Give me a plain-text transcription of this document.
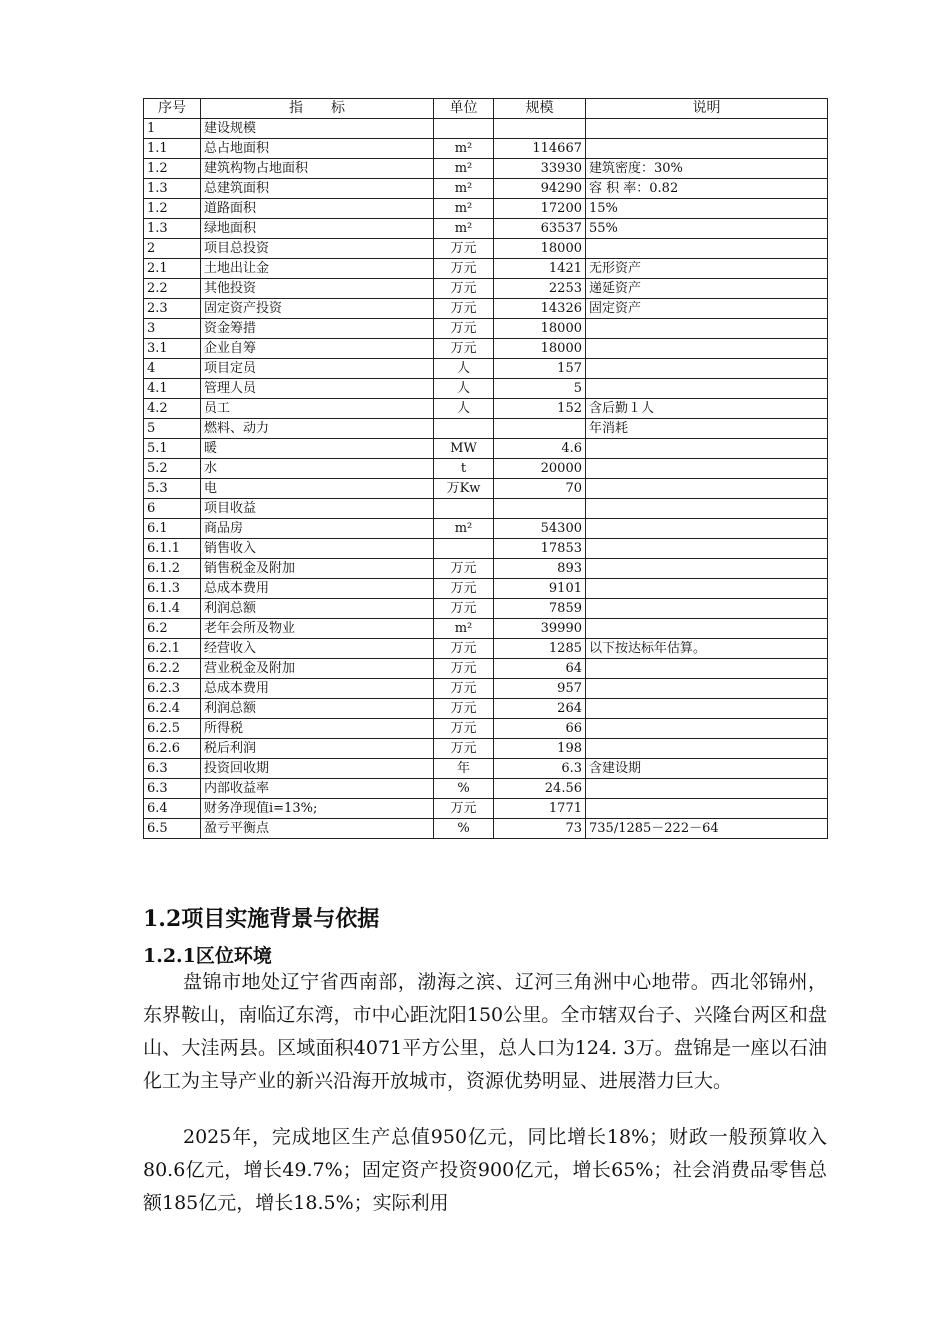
序号	指　　标	单位	规模	说明
1	建设规模			
1.1	总占地面积	m²	114667	
1.2	建筑构物占地面积	m²	33930	建筑密度：30%
1.3	总建筑面积	m²	94290	容 积 率：0.82
1.2	道路面积	m²	17200	15%
1.3	绿地面积	m²	63537	55%
2	项目总投资	万元	18000	
2.1	土地出让金	万元	1421	无形资产
2.2	其他投资	万元	2253	递延资产
2.3	固定资产投资	万元	14326	固定资产
3	资金筹措	万元	18000	
3.1	企业自筹	万元	18000	
4	项目定员	人	157	
4.1	管理人员	人	5	
4.2	员工	人	152	含后勤１人
5	燃料、动力			年消耗
5.1	暖	MW	4.6	
5.2	水	t	20000	
5.3	电	万Kw	70	
6	项目收益			
6.1	商品房	m²	54300	
6.1.1	销售收入		17853	
6.1.2	销售税金及附加	万元	893	
6.1.3	总成本费用	万元	9101	
6.1.4	利润总额	万元	7859	
6.2	老年会所及物业	m²	39990	
6.2.1	经营收入	万元	1285	以下按达标年估算。
6.2.2	营业税金及附加	万元	64	
6.2.3	总成本费用	万元	957	
6.2.4	利润总额	万元	264	
6.2.5	所得税	万元	66	
6.2.6	税后利润	万元	198	
6.3	投资回收期	年	6.3	含建设期
6.3	内部收益率	%	24.56	
6.4	财务净现值i=13%;	万元	1771	
6.5	盈亏平衡点	%	73	735/1285－222－64
1.2项目实施背景与依据
1.2.1区位环境

盘锦市地处辽宁省西南部，渤海之滨、辽河三角洲中心地带。西北邻锦州，东界鞍山，南临辽东湾，市中心距沈阳150公里。全市辖双台子、兴隆台两区和盘山、大洼两县。区域面积4071平方公里，总人口为124. 3万。盘锦是一座以石油化工为主导产业的新兴沿海开放城市，资源优势明显、进展潜力巨大。

2025年，完成地区生产总值950亿元，同比增长18%；财政一般预算收入80.6亿元，增长49.7%；固定资产投资900亿元，增长65%；社会消费品零售总额185亿元，增长18.5%；实际利用
